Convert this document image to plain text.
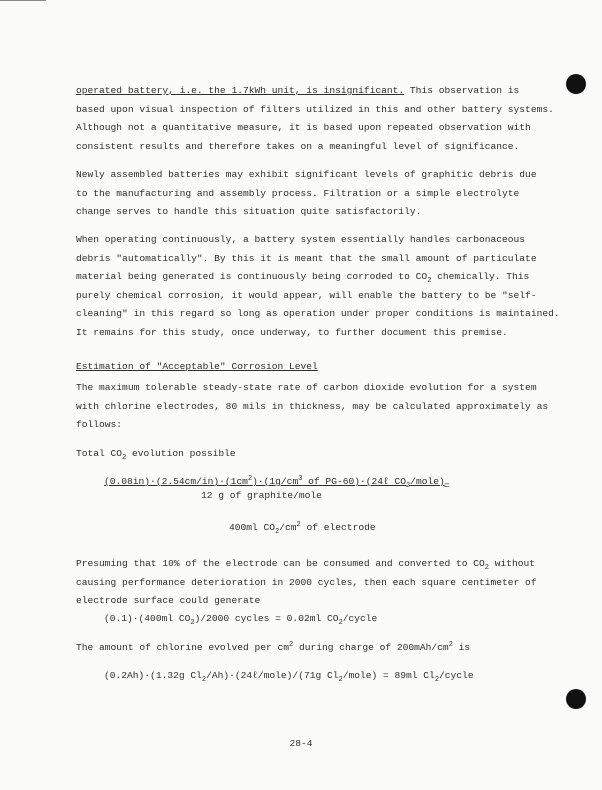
operated battery, i.e. the 1.7kWh unit, is insignificant. This observation is
based upon visual inspection of filters utilized in this and other battery systems.
Although not a quantitative measure, it is based upon repeated observation with
consistent results and therefore takes on a meaningful level of significance.
Newly assembled batteries may exhibit significant levels of graphitic debris due
to the manufacturing and assembly process. Filtration or a simple electrolyte
change serves to handle this situation quite satisfactorily.
When operating continuously, a battery system essentially handles carbonaceous
debris "automatically". By this it is meant that the small amount of particulate
material being generated is continuously being corroded to $CO_2$ chemically. This
purely chemical corrosion, it would appear, will enable the battery to be "self-
cleaning" in this regard so long as operation under proper conditions is maintained.
It remains for this study, once underway, to further document this premise.
Estimation of "Acceptable" Corrosion Level
The maximum tolerable steady-state rate of carbon dioxide evolution for a system
with chlorine electrodes, 80 mils in thickness, may be calculated approximately as
follows:
Total $CO_2$ evolution possible
$(0.08in)\cdot(2.54cm/in)\cdot(1cm^2)\cdot(1g/cm^3$ of PG-60)·(24ℓ $CO_2/mole$) =
12 g of graphite/mole
400ml $CO_2/cm^2$ of electrode
Presuming that 10% of the electrode can be consumed and converted to $CO_2$ without
causing performance deterioration in 2000 cycles, then each square centimeter of
electrode surface could generate
(0.1)·(400ml $CO_2)/2000$ cycles = 0.02ml $CO_2$/cycle
The amount of chlorine evolved per $cm^2$ during charge of $200mAh/cm^2$ is
(0.2Ah)·(1.32g $Cl_2/Ah)\cdot(24\ell/mole)/(71g$ $Cl_2/mole) = 89ml$ $Cl_2$/cycle
28-4
